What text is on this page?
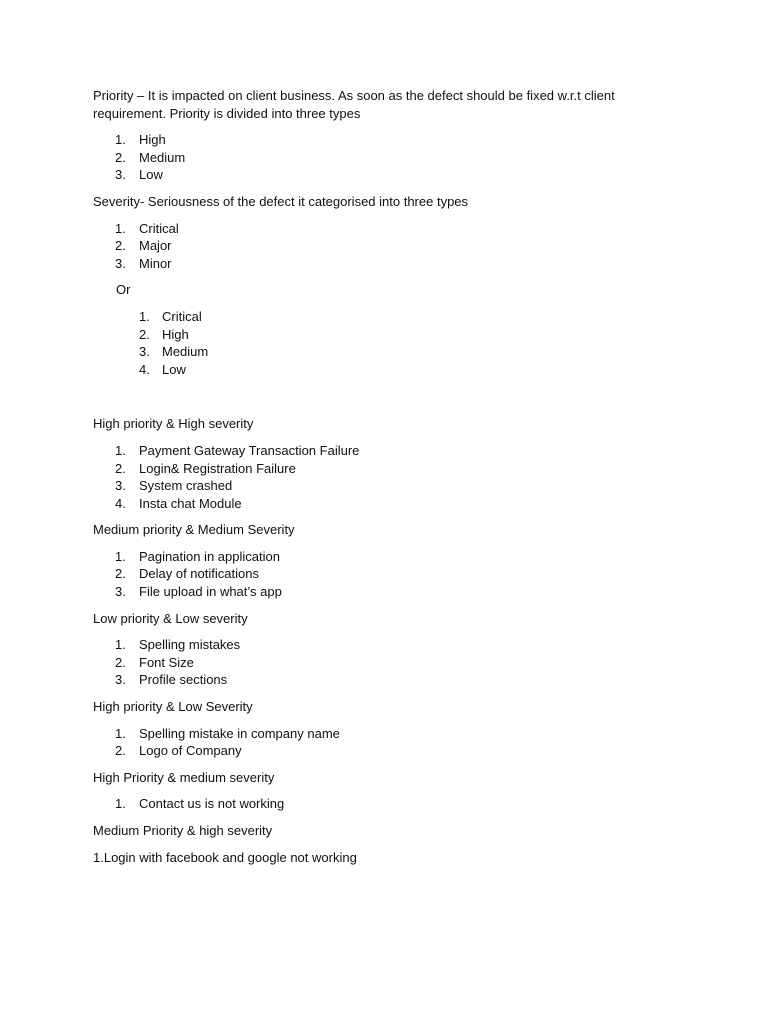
Priority – It is impacted on client business. As soon as the defect should be fixed w.r.t client requirement. Priority is divided into three types

1. High
2. Medium
3. Low

Severity- Seriousness of the defect it categorised into three types

1. Critical
2. Major
3. Minor

Or

1. Critical
2. High
3. Medium
4. Low

High priority & High severity

1. Payment Gateway Transaction Failure
2. Login& Registration Failure
3. System crashed
4. Insta chat Module

Medium priority & Medium Severity

1. Pagination in application
2. Delay of notifications
3. File upload in what’s app

Low priority & Low severity

1. Spelling mistakes
2. Font Size
3. Profile sections

High priority & Low Severity

1. Spelling mistake in company name
2. Logo of Company

High Priority & medium severity

1. Contact us is not working

Medium Priority & high severity

1.Login with facebook and google not working
